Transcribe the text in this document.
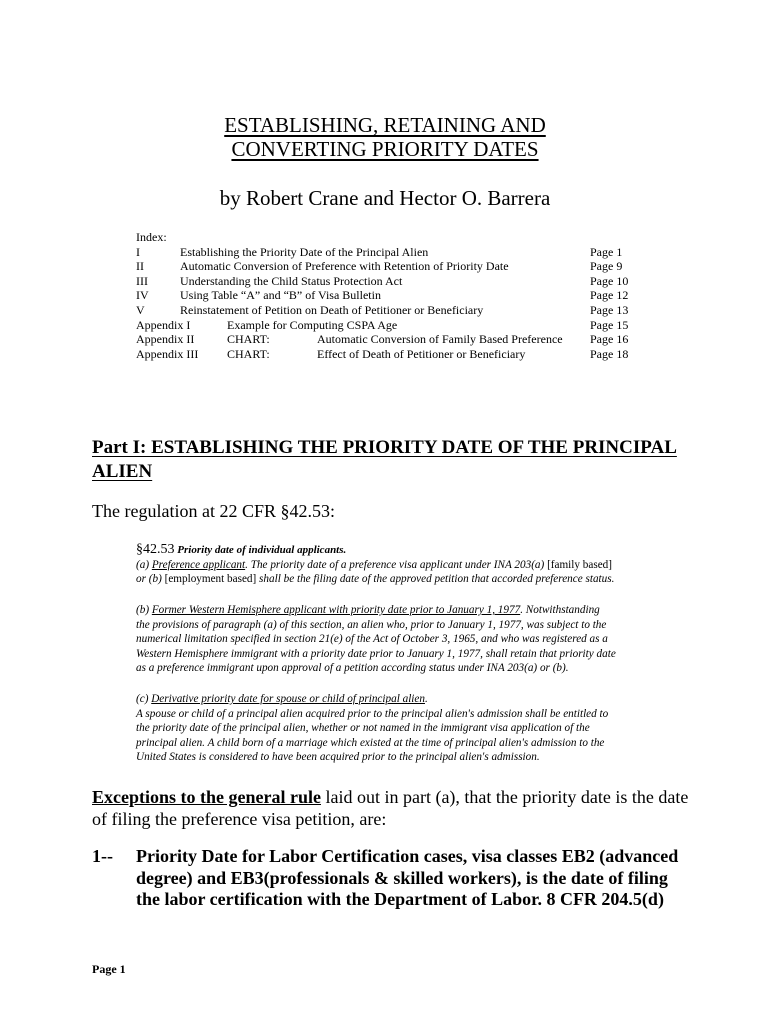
ESTABLISHING, RETAINING AND
CONVERTING PRIORITY DATES
by Robert Crane and Hector O. Barrera
Index:
I	Establishing the Priority Date of the Principal Alien	Page 1
II	Automatic Conversion of Preference with Retention of Priority Date	Page 9
III	Understanding the Child Status Protection Act	Page 10
IV	Using Table “A” and “B” of Visa Bulletin	Page 12
V	Reinstatement of Petition on Death of Petitioner or Beneficiary	Page 13
Appendix I	Example for Computing CSPA Age	Page 15
Appendix II	CHART:	Automatic Conversion of Family Based Preference Page 16
Appendix III CHART:	Effect of Death of Petitioner or Beneficiary	Page 18
Part I: ESTABLISHING THE PRIORITY DATE OF THE PRINCIPAL
ALIEN
The regulation at 22 CFR §42.53:
§42.53 Priority date of individual applicants.
(a) Preference applicant. The priority date of a preference visa applicant under INA 203(a) [family based]
or (b) [employment based] shall be the filing date of the approved petition that accorded preference status.
(b) Former Western Hemisphere applicant with priority date prior to January 1, 1977. Notwithstanding
the provisions of paragraph (a) of this section, an alien who, prior to January 1, 1977, was subject to the
numerical limitation specified in section 21(e) of the Act of October 3, 1965, and who was registered as a
Western Hemisphere immigrant with a priority date prior to January 1, 1977, shall retain that priority date
as a preference immigrant upon approval of a petition according status under INA 203(a) or (b).
(c) Derivative priority date for spouse or child of principal alien.
A spouse or child of a principal alien acquired prior to the principal alien's admission shall be entitled to
the priority date of the principal alien, whether or not named in the immigrant visa application of the
principal alien. A child born of a marriage which existed at the time of principal alien's admission to the
United States is considered to have been acquired prior to the principal alien's admission.
Exceptions to the general rule laid out in part (a), that the priority date is the date
of filing the preference visa petition, are:
1-- Priority Date for Labor Certification cases, visa classes EB2 (advanced
degree) and EB3(professionals & skilled workers), is the date of filing
the labor certification with the Department of Labor. 8 CFR 204.5(d)
Page 1
